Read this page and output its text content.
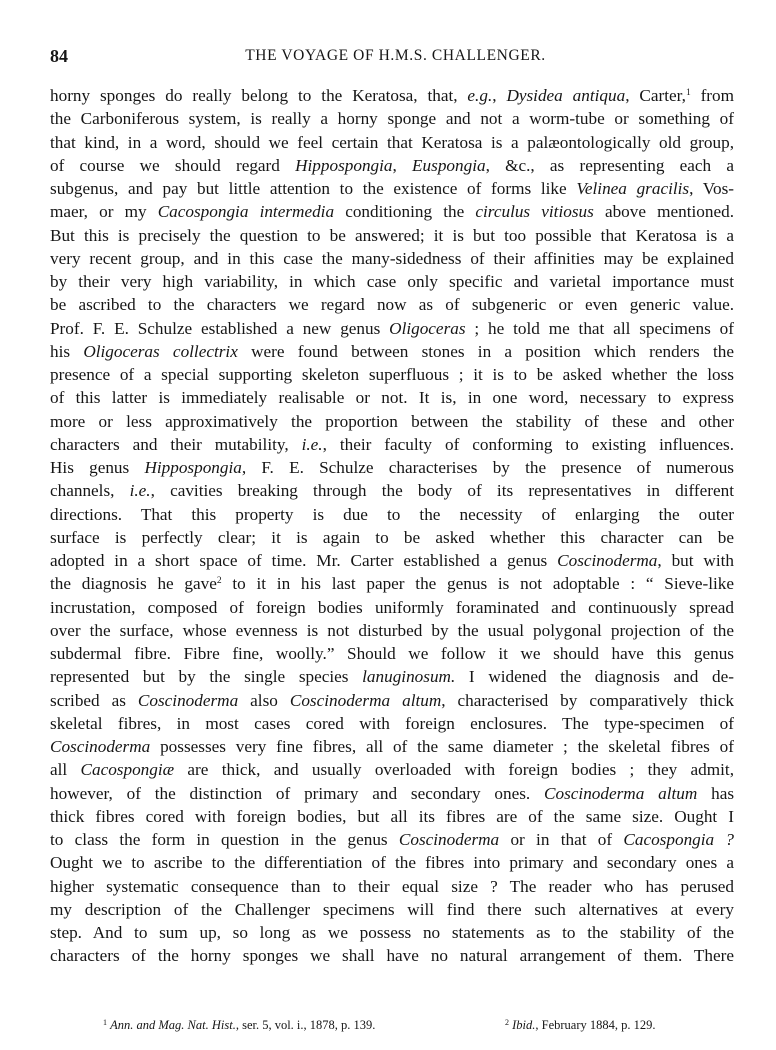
84	THE VOYAGE OF H.M.S. CHALLENGER.
horny sponges do really belong to the Keratosa, that, e.g., Dysidea antiqua, Carter,$^1$ from
the Carboniferous system, is really a horny sponge and not a worm-tube or something of
that kind, in a word, should we feel certain that Keratosa is a palæontologically old group,
of course we should regard Hippospongia, Euspongia, &c., as representing each a
subgenus, and pay but little attention to the existence of forms like Velinea gracilis, Vos-
maer, or my Cacospongia intermedia conditioning the circulus vitiosus above mentioned.
But this is precisely the question to be answered; it is but too possible that Keratosa is a
very recent group, and in this case the many-sidedness of their affinities may be explained
by their very high variability, in which case only specific and varietal importance must
be ascribed to the characters we regard now as of subgeneric or even generic value.
Prof. F. E. Schulze established a new genus Oligoceras ; he told me that all specimens of
his Oligoceras collectrix were found between stones in a position which renders the
presence of a special supporting skeleton superfluous ; it is to be asked whether the loss
of this latter is immediately realisable or not. It is, in one word, necessary to express
more or less approximatively the proportion between the stability of these and other
characters and their mutability, i.e., their faculty of conforming to existing influences.
His genus Hippospongia, F. E. Schulze characterises by the presence of numerous
channels, i.e., cavities breaking through the body of its representatives in different
directions. That this property is due to the necessity of enlarging the outer
surface is perfectly clear; it is again to be asked whether this character can be
adopted in a short space of time. Mr. Carter established a genus Coscinoderma, but with
the diagnosis he gave$^2$ to it in his last paper the genus is not adoptable : “ Sieve-like
incrustation, composed of foreign bodies uniformly foraminated and continuously spread
over the surface, whose evenness is not disturbed by the usual polygonal projection of the
subdermal fibre. Fibre fine, woolly.” Should we follow it we should have this genus
represented but by the single species lanuginosum. I widened the diagnosis and de-
scribed as Coscinoderma also Coscinoderma altum, characterised by comparatively thick
skeletal fibres, in most cases cored with foreign enclosures. The type-specimen of
Coscinoderma possesses very fine fibres, all of the same diameter ; the skeletal fibres of
all Cacospongiæ are thick, and usually overloaded with foreign bodies ; they admit,
however, of the distinction of primary and secondary ones. Coscinoderma altum has
thick fibres cored with foreign bodies, but all its fibres are of the same size. Ought I
to class the form in question in the genus Coscinoderma or in that of Cacospongia ?
Ought we to ascribe to the differentiation of the fibres into primary and secondary ones a
higher systematic consequence than to their equal size ? The reader who has perused
my description of the Challenger specimens will find there such alternatives at every
step. And to sum up, so long as we possess no statements as to the stability of the
characters of the horny sponges we shall have no natural arrangement of them. There
$^1$ Ann. and Mag. Nat. Hist., ser. 5, vol. i., 1878, p. 139.	$^2$ Ibid., February 1884, p. 129.
